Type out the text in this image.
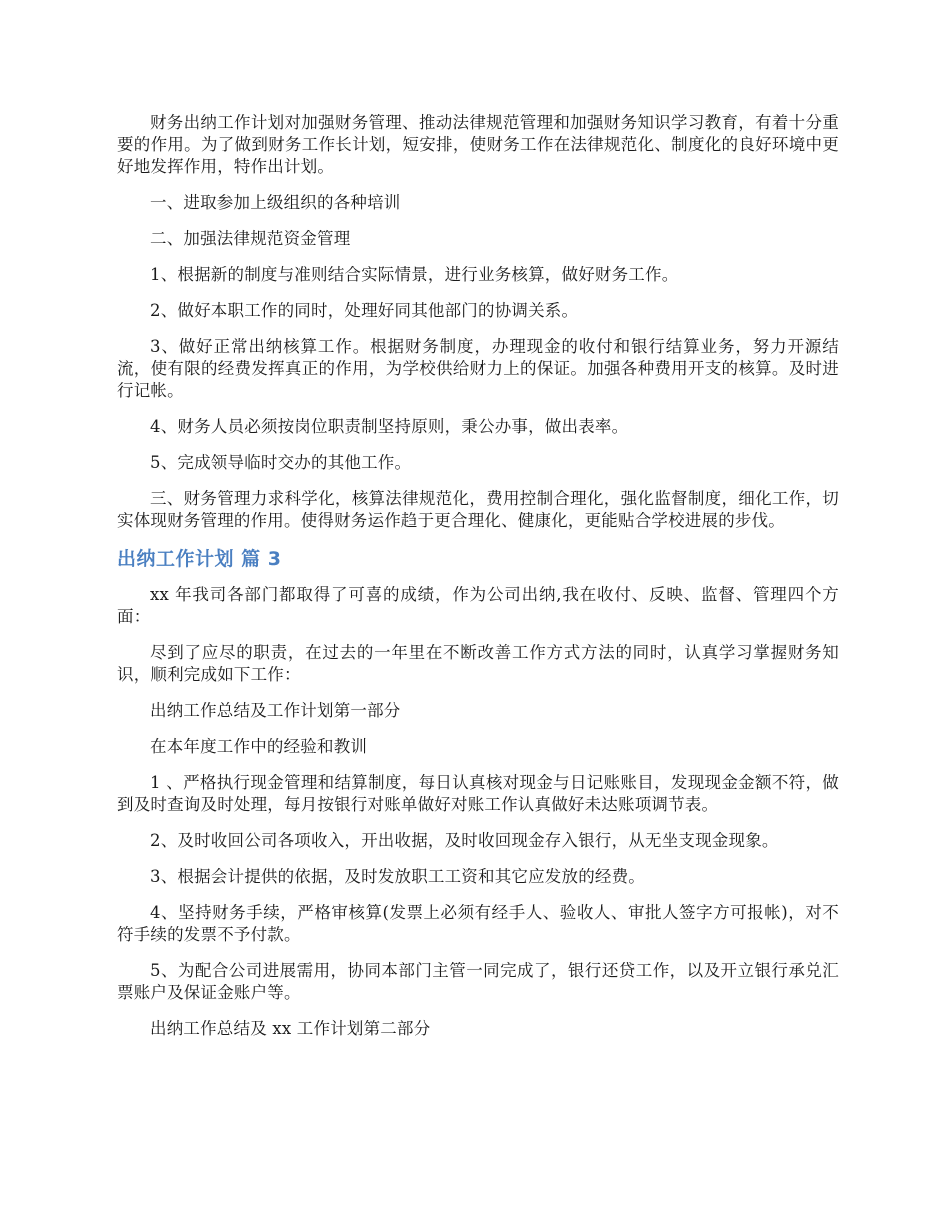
财务出纳工作计划对加强财务管理、推动法律规范管理和加强财务知识学习教育，有着十分重要的作用。为了做到财务工作长计划，短安排，使财务工作在法律规范化、制度化的良好环境中更好地发挥作用，特作出计划。

一、进取参加上级组织的各种培训

二、加强法律规范资金管理

1、根据新的制度与准则结合实际情景，进行业务核算，做好财务工作。

2、做好本职工作的同时，处理好同其他部门的协调关系。

3、做好正常出纳核算工作。根据财务制度，办理现金的收付和银行结算业务，努力开源结流，使有限的经费发挥真正的作用，为学校供给财力上的保证。加强各种费用开支的核算。及时进行记帐。

4、财务人员必须按岗位职责制坚持原则，秉公办事，做出表率。

5、完成领导临时交办的其他工作。

三、财务管理力求科学化，核算法律规范化，费用控制合理化，强化监督制度，细化工作，切实体现财务管理的作用。使得财务运作趋于更合理化、健康化，更能贴合学校进展的步伐。

出纳工作计划 篇 3

xx 年我司各部门都取得了可喜的成绩，作为公司出纳,我在收付、反映、监督、管理四个方面：

尽到了应尽的职责，在过去的一年里在不断改善工作方式方法的同时，认真学习掌握财务知识，顺利完成如下工作：

出纳工作总结及工作计划第一部分

在本年度工作中的经验和教训

1 、严格执行现金管理和结算制度，每日认真核对现金与日记账账目，发现现金金额不符，做到及时查询及时处理，每月按银行对账单做好对账工作认真做好未达账项调节表。

2、及时收回公司各项收入，开出收据，及时收回现金存入银行，从无坐支现金现象。

3、根据会计提供的依据，及时发放职工工资和其它应发放的经费。

4、坚持财务手续，严格审核算(发票上必须有经手人、验收人、审批人签字方可报帐)，对不符手续的发票不予付款。

5、为配合公司进展需用，协同本部门主管一同完成了，银行还贷工作，以及开立银行承兑汇票账户及保证金账户等。

出纳工作总结及 xx 工作计划第二部分
